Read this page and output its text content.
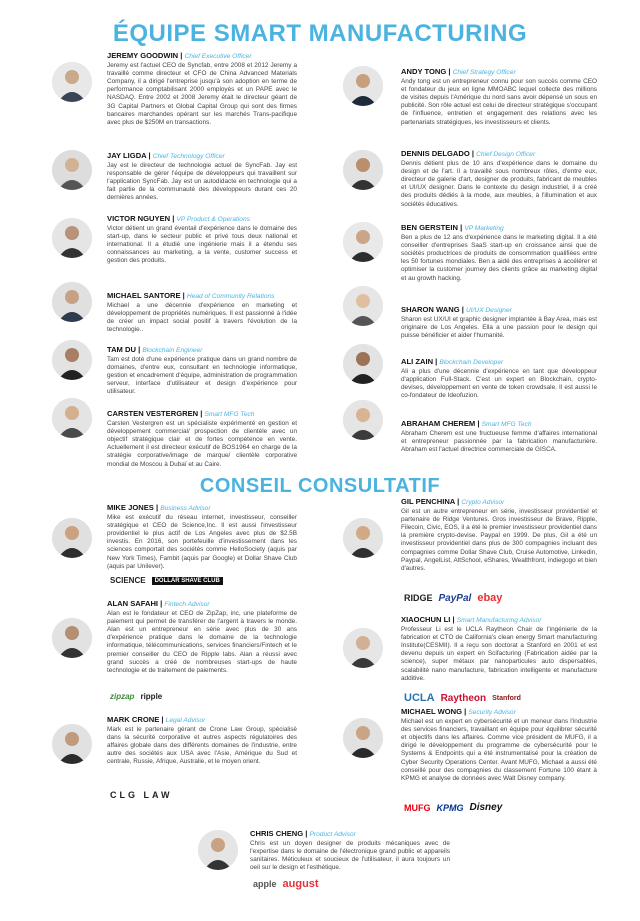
ÉQUIPE SMART MANUFACTURING
JEREMY GOODWIN | Chief Executive Officer
Jeremy est l'actuel CEO de Syncfab, entre 2008 et 2012 Jeremy a travaillé comme directeur et CFO de China Advanced Materials Company, il a dirigé l'entreprise jusqu'à son adoption en terme de performance comptabilisant 2000 employés et un PAPE avec le NASDAQ. Entre 2002 et 2008 Jeremy était le directeur géant de 3G Capital Partners et Global Capital Group qui sont des firmes bancaires marchandes opérant sur les marchés Trans-pacifique avec plus de $250M en transactions.
JAY LIGDA | Chief Technology Officer
Jay est le directeur de technologie actuel de SyncFab. Jay est responsable de gérer l'équipe de développeurs qui travaillent sur l'application SyncFab. Jay est un autodidacte en technologie qui a fait partie de la communauté des développeurs durant ces 20 dernières années.
VICTOR NGUYEN | VP Product & Operations
Victor détient un grand éventail d'expérience dans le domaine des start-up, dans le secteur public et privé tous deux national et international. Il a étudié une ingénierie mais il a étendu ses connaissances au marketing, a la vente, customer success et gestion des produits.
MICHAEL SANTORE | Head of Community Relations
Michael a une décennie d'expérience en marketing et développement de propriétés numériques. Il est passionné à l'idée de créer un impact social positif à travers l'évolution de la technologie..
TAM DU | Blockchain Engineer
Tam est doté d'une expérience pratique dans un grand nombre de domaines, d'entre eux, consultant en technologie informatique, gestion et encadrement d'équipe, administration de programmation serveur, interface d'utilisateur et design d'expérience pour utilisateur.
CARSTEN VESTERGREN | Smart MFG Tech
Carsten Vestergren est un spécialiste expérimenté en gestion et développement commercial/ prospection de clientèle avec un objectif stratégique clair et de fortes compétence en vente. Actuellement il est directeur exécutif de BOS1964 en charge de la stratégie corporative/image de marque/ clientèle corporative mondial de Moscou à Dubaï et au Caire.
ANDY TONG | Chief Strategy Officer
Andy tong est un entrepreneur connu pour son succès comme CEO et fondateur du jeux en ligne MMOABC lequel collecte des millions de visites depuis l'Amérique du nord sans avoir dépensé un sous en publicité. Son rôle actuel est celui de directeur stratégique s'occupant de l'influence, entretien et engagement des relations avec les partenariats stratégiques, les investisseurs et clients.
DENNIS DELGADO | Chief Design Officer
Dennis détient plus de 10 ans d'expérience dans le domaine du design et de l'art. Il a travaillé sous nombreux rôles, d'entre eux, directeur de galerie d'art, designer de produits, fabricant de meubles et UI/UX designer. Dans le contexte du design industriel, il a créé des produits dédiés à la mode, aux meubles, à l'illumination et aux sociétés éducatives.
BEN GERSTEIN | VP Marketing
Ben a plus de 12 ans d'expérience dans le marketing digital. Il a été conseiller d'entreprises SaaS start-up en croissance ainsi que de sociétés productrices de produits de consommation qualifiées entre les 50 fortunes mondiales. Ben a aidé des entreprises à accélérer et optimiser la customer journey des clients grâce au marketing digital et au growth hacking.
SHARON WANG | UI/UX Designer
Sharon est UX/UI et graphic designer implantée à Bay Area, mais est originaire de Los Angeles. Ella a une passion pour le design qui puisse bénéficier et aider l'humanité.
ALI ZAIN | Blockchain Developer
Ali a plus d'une décennie d'expérience en tant que développeur d'application Full-Stack. C'est un expert en Blockchain, crypto-devises, développement en vente de token crowdsale. Il est aussi le co-fondateur de Ideofuzion.
ABRAHAM CHEREM | Smart MFG Tech
Abraham Cherem est une fructueuse femme d'affaires international et entrepreneur passionnée par la fabrication manufacturière. Abraham est l'actuel directrice commerciale de GISCA.
CONSEIL CONSULTATIF
MIKE JONES | Business Advisor
Mike est exécutif du réseau internet, investisseur, conseiller stratégique et CEO de Science,Inc. Il est aussi l'investisseur providentiel le plus actif de Los Angeles avec plus de $2.5B investis. En 2016, son portefeuille d'investissement dans les sciences comportait des sociétés comme HelloSociety (aquis par New York Times), Fambit (aquis par Google) et Dollar Shave Club (aquis par Unilever).
SCIENCE	DOLLAR SHAVE CLUB
ALAN SAFAHI | Fintech Advisor
Alan est le fondateur et CEO de ZipZap, inc, une plateforme de paiement qui permet de transférer de l'argent à travers le monde. Alan est un entrepreneur en série avec plus de 30 ans d'expérience pratique dans le domaine de la technologie informatique, télécommunications, services financiers/Fintech et le premier conseiller du CEO de Ripple labs. Alan a réussi avec grand succès a créé de nombreuses start-ups de haute technologie et de traitement de paiements.
zipzap ripple
MARK CRONE | Legal Advisor
Mark est le partenaire gérant de Crone Law Group, spécialisé dans la sécurité corporative et autres aspects régulatoires des affaires globale dans des différents domaines de l'industrie, entre autre des sociétés aux USA avec l'Asie, Amérique du Sud et centrale, Russie, Afrique, Australie, et le moyen orient.
CLG LAW
GIL PENCHINA | Crypto Advisor
Gil est un autre entrepreneur en série, investisseur providentiel et partenaire de Ridge Ventures. Gros investisseur de Brave, Ripple, Filecoin, Civic, EOS, il a été le premier investisseur providentiel dans la première crypto-devise. Paypal en 1999. De plus, Gil a été un investisseur providentiel dans plus de 300 compagnies incluant des compagnies comme Dollar Shave Club, Cruise Automotive, Linkedin, Paypal, AngelList, AltSchool, eShares, Wealthfront, indiegogo et bien d'autres.
RIDGE PayPal ebay
XIAOCHUN LI | Smart Manufacturing Advisor
Professeur Li est le UCLA Raytheon Chair de l'ingénierie de la fabrication et CTO de California's clean energy Smart manufacturing Institute(CESMII). Il a reçu son doctorat a Stanford en 2001 et est devenu depuis un expert en Scifacturing (Fabrication aidée par la science), super métaux par nanoparticules auto dispersables, scalabilité nano manufacture, fabrication intelligente et manufacture additive.
UCLA Raytheon Stanford
MICHAEL WONG | Security Advisor
Michael est un expert en cybersécurité et un meneur dans l'industrie des services financiers, travaillant en équipe pour équilibrer sécurité et objectifs dans les affaires. Comme vice président de MUFG, il a dirigé le développement du programme de cybersécurité pour le Systems & Endpoints qui a été instrumentalisé pour la création de Cyber Security Operations Center. Avant MUFG, Michael a aussi été conseillé pour des compagnies du classement Fortune 100 étant à KPMG et analyse de données avec Walt Disney company.
MUFG KPMG Disney
CHRIS CHENG | Product Advisor
Chris est un doyen designer de produits mécaniques avec de l'expertise dans le domaine de l'électronique grand public et appareils sanitaires. Méticuleux et soucieux de l'utilisateur, il aura toujours un oeil sur le design et l'esthétique.
apple august
